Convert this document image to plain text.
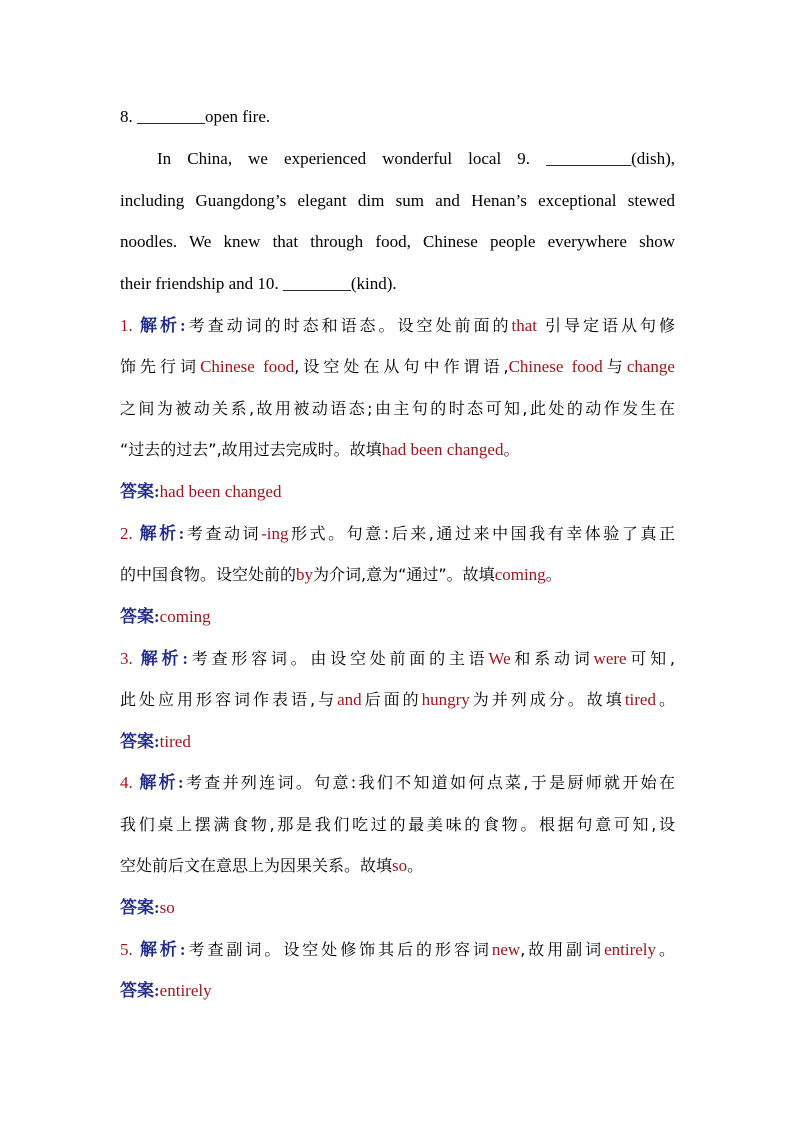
8. ________open fire.
In China, we experienced wonderful local 9. __________(dish),
including Guangdong’s elegant dim sum and Henan’s exceptional stewed
noodles. We knew that through food, Chinese people everywhere show
their friendship and 10. ________(kind).
1. 解析:考查动词的时态和语态。设空处前面的that 引导定语从句修
饰先行词Chinese food,设空处在从句中作谓语,Chinese food与change
之间为被动关系,故用被动语态;由主句的时态可知,此处的动作发生在
“过去的过去”,故用过去完成时。故填had been changed。
答案:had been changed
2. 解析:考查动词-ing形式。句意:后来,通过来中国我有幸体验了真正
的中国食物。设空处前的by为介词,意为“通过”。故填coming。
答案:coming
3. 解析:考查形容词。由设空处前面的主语We和系动词were可知,
此处应用形容词作表语,与and后面的hungry为并列成分。故填tired。
答案:tired
4. 解析:考查并列连词。句意:我们不知道如何点菜,于是厨师就开始在
我们桌上摆满食物,那是我们吃过的最美味的食物。根据句意可知,设
空处前后文在意思上为因果关系。故填so。
答案:so
5. 解析:考查副词。设空处修饰其后的形容词new,故用副词entirely。
答案:entirely
